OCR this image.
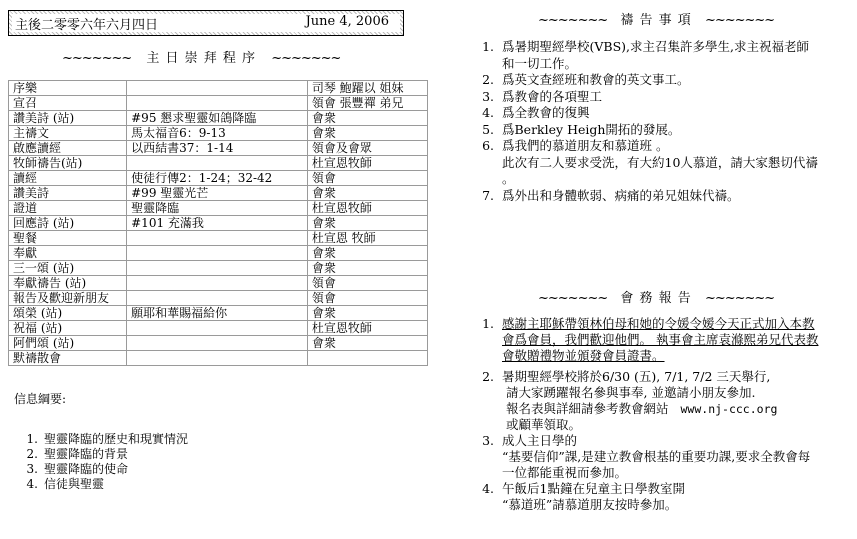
主後二零零六年六月四日	June 4, 2006
~~~~~~~ 主 日 崇 拜 程 序 ~~~~~~~
序樂		司琴 鮑躍以 姐妹
宣召		領會 張豐禪 弟兄
讚美詩 (站)	#95 懇求聖靈如鴿降臨	會衆
主禱文	馬太福音6：9-13	會衆
啟應讀經	以西結書37：1-14	領會及會眾
牧師禱告(站)		杜宣恩牧師
讀經	使徒行傳2：1-24；32-42	領會
讚美詩	#99 聖靈光芒	會衆
證道	聖靈降臨	杜宣恩牧師
回應詩 (站)	#101 充滿我	會衆
聖餐		杜宣恩 牧師
奉獻		會衆
三一頌 (站)		會衆
奉獻禱告 (站)		領會
報告及歡迎新朋友		領會
頌榮 (站)	願耶和華賜福給你	會衆
祝福 (站)		杜宣恩牧師
阿們頌 (站)		會衆
默禱散會		
信息綱要:
1. 聖靈降臨的歷史和現實情況
2. 聖靈降臨的背景
3. 聖靈降臨的使命
4. 信徒與聖靈
~~~~~~~ 禱 告 事 項 ~~~~~~~
1. 爲暑期聖經學校(VBS),求主召集許多學生,求主祝福老師
和一切工作。
2. 爲英文查經班和教會的英文事工。
3. 爲教會的各項聖工
4. 爲全教會的復興
5. 爲Berkley Heigh開拓的發展。
6. 爲我們的慕道朋友和慕道班 。
此次有二人要求受洗，有大約10人慕道，請大家懇切代禱
。
7. 爲外出和身體軟弱、病痛的弟兄姐妹代禱。
~~~~~~~ 會 務 報 告 ~~~~~~~
1. 感謝主耶穌帶領林伯母和她的令媛令嫒今天正式加入本教
會爲會員，我們歡迎他們。 執事會主席袁滌熙弟兄代表教
會敬贈禮物並頒發會員證書。
2. 暑期聖經學校將於6/30 (五), 7/1, 7/2 三天舉行,
請大家踴躍報名參與事奉, 並邀請小朋友參加.
報名表與詳細請參考教會網站 www.nj-ccc.org
或顧華領取。
3. 成人主日學的
“基要信仰”課,是建立教會根基的重要功課,要求全教會每
一位都能重視而參加。
4. 午飯后1點鐘在兒童主日學教室開
“慕道班”請慕道朋友按時參加。
